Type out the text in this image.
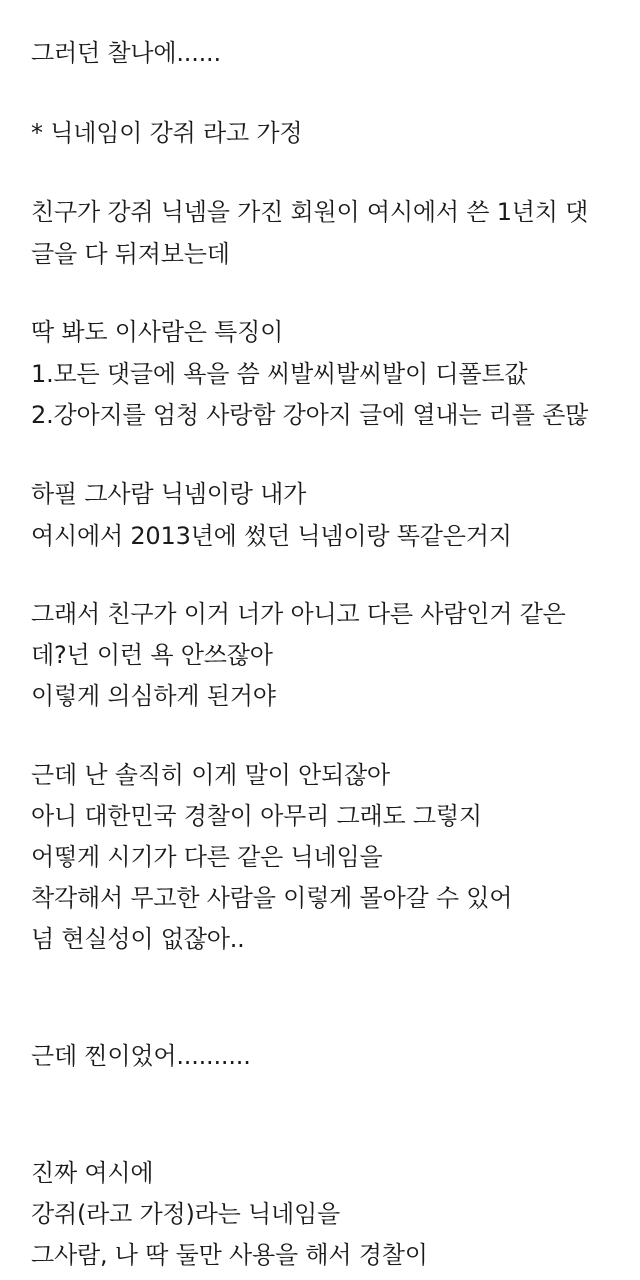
그러던 찰나에......
* 닉네임이 강쥐 라고 가정
친구가 강쥐 닉넴을 가진 회원이 여시에서 쓴 1년치 댓
글을 다 뒤져보는데
딱 봐도 이사람은 특징이
1.모든 댓글에 욕을 씀 씨발씨발씨발이 디폴트값
2.강아지를 엄청 사랑함 강아지 글에 열내는 리플 존많
하필 그사람 닉넴이랑 내가
여시에서 2013년에 썼던 닉넴이랑 똑같은거지
그래서 친구가 이거 너가 아니고 다른 사람인거 같은
데?넌 이런 욕 안쓰잖아
이렇게 의심하게 된거야
근데 난 솔직히 이게 말이 안되잖아
아니 대한민국 경찰이 아무리 그래도 그렇지
어떻게 시기가 다른 같은 닉네임을
착각해서 무고한 사람을 이렇게 몰아갈 수 있어
넘 현실성이 없잖아..
근데 찐이었어..........
진짜 여시에
강쥐(라고 가정)라는 닉네임을
그사람, 나 딱 둘만 사용을 해서 경찰이
